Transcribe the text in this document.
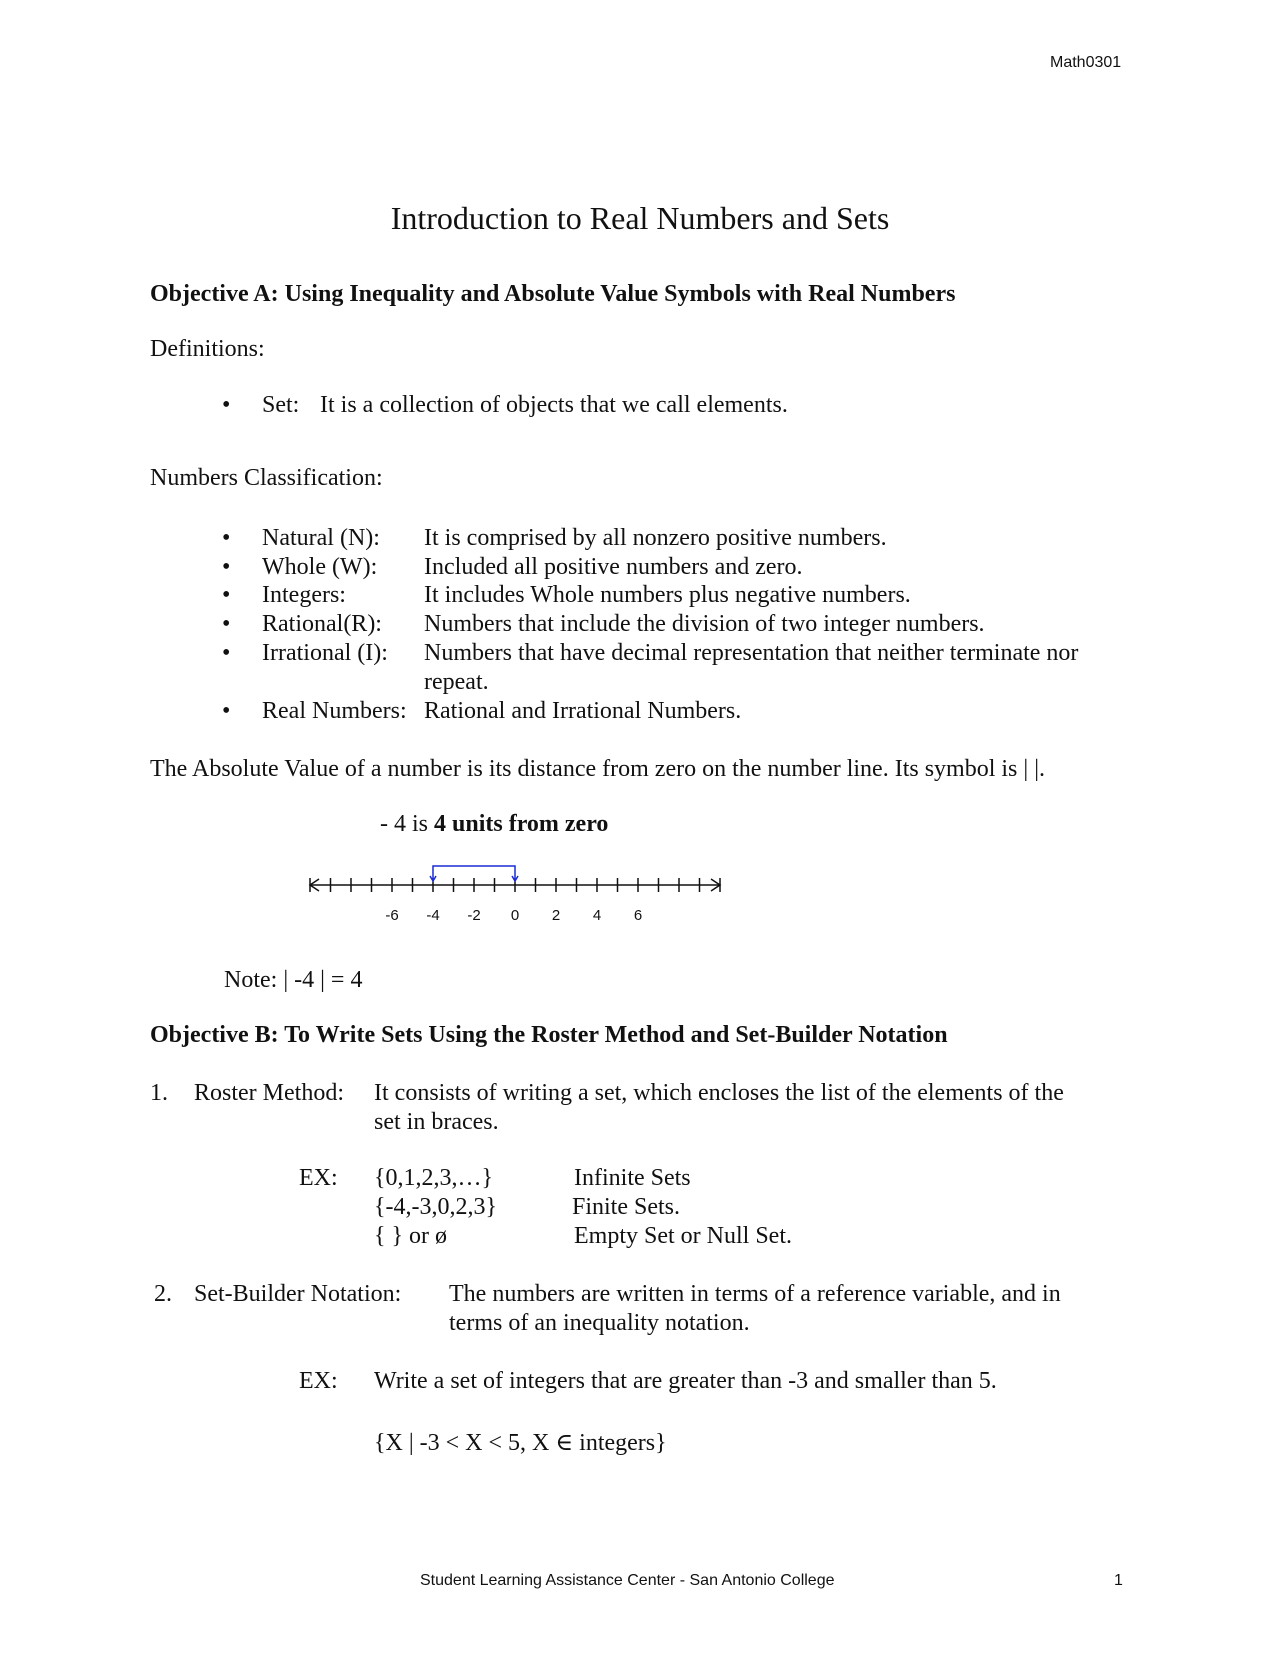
Math0301
Introduction to Real Numbers and Sets
Objective A: Using Inequality and Absolute Value Symbols with Real Numbers
Definitions:
• Set: It is a collection of objects that we call elements.
Numbers Classification:
• Natural (N): It is comprised by all nonzero positive numbers.
• Whole (W): Included all positive numbers and zero.
• Integers:	It includes Whole numbers plus negative numbers.
• Rational(R): Numbers that include the division of two integer numbers.
• Irrational (I): Numbers that have decimal representation that neither terminate nor
repeat.
• Real Numbers: Rational and Irrational Numbers.
The Absolute Value of a number is its distance from zero on the number line. Its symbol is | |.
- 4 is 4 units from zero
-6 -4 -2 0 2 4 6
Note: | -4 | = 4
Objective B: To Write Sets Using the Roster Method and Set-Builder Notation
1. Roster Method: It consists of writing a set, which encloses the list of the elements of the
set in braces.
EX: {0,1,2,3,…}	Infinite Sets
{-4,-3,0,2,3}	Finite Sets.
{ } or ø	Empty Set or Null Set.
2. Set-Builder Notation: The numbers are written in terms of a reference variable, and in
terms of an inequality notation.
EX: Write a set of integers that are greater than -3 and smaller than 5.
{X | -3 < X < 5, X ∈ integers}
Student Learning Assistance Center - San Antonio College	1
